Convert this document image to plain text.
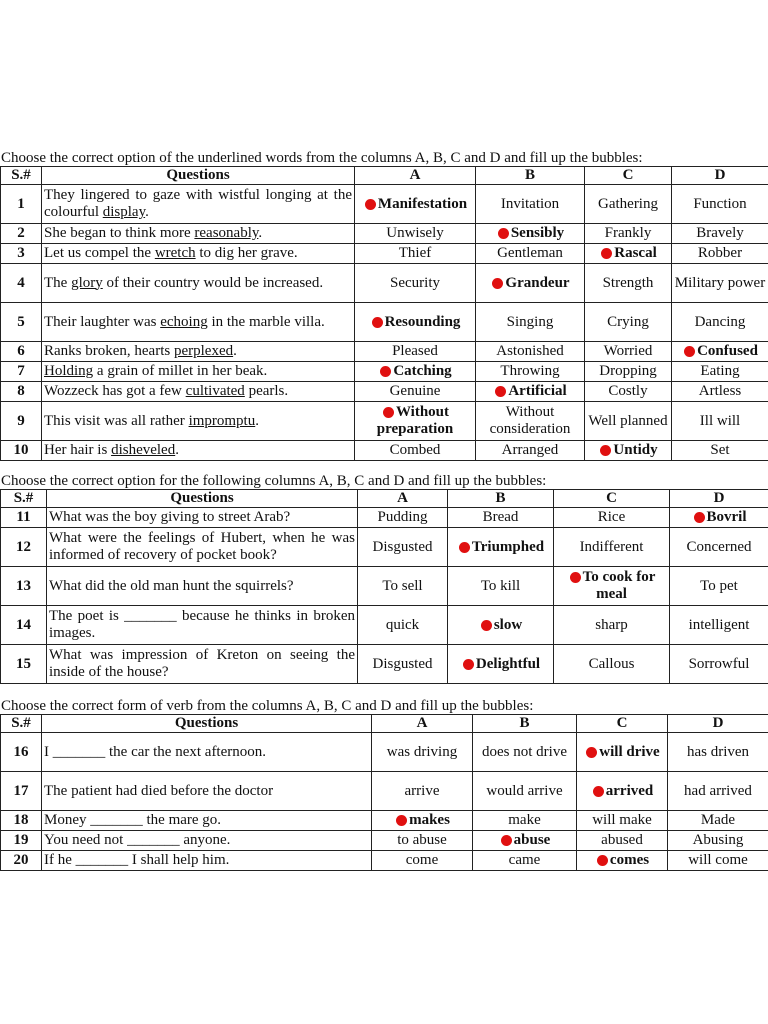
Choose the correct option of the underlined words from the columns A, B, C and D and fill up the bubbles:
S.#	Questions	A	B	C	D
1	They lingered to gaze with wistful longing at the colourful display.	Manifestation	Invitation	Gathering	Function
2	She began to think more reasonably.	Unwisely	Sensibly	Frankly	Bravely
3	Let us compel the wretch to dig her grave.	Thief	Gentleman	Rascal	Robber
4	The glory of their country would be increased.	Security	Grandeur	Strength	Military power
5	Their laughter was echoing in the marble villa.	Resounding	Singing	Crying	Dancing
6	Ranks broken, hearts perplexed.	Pleased	Astonished	Worried	Confused
7	Holding a grain of millet in her beak.	Catching	Throwing	Dropping	Eating
8	Wozzeck has got a few cultivated pearls.	Genuine	Artificial	Costly	Artless
9	This visit was all rather impromptu.	Without preparation	Without consideration	Well planned	Ill will
10	Her hair is disheveled.	Combed	Arranged	Untidy	Set
Choose the correct option for the following columns A, B, C and D and fill up the bubbles:
S.#	Questions	A	B	C	D
11	What was the boy giving to street Arab?	Pudding	Bread	Rice	Bovril
12	What were the feelings of Hubert, when he was informed of recovery of pocket book?	Disgusted	Triumphed	Indifferent	Concerned
13	What did the old man hunt the squirrels?	To sell	To kill	To cook for meal	To pet
14	The poet is _______ because he thinks in broken images.	quick	slow	sharp	intelligent
15	What was impression of Kreton on seeing the inside of the house?	Disgusted	Delightful	Callous	Sorrowful
Choose the correct form of verb from the columns A, B, C and D and fill up the bubbles:
S.#	Questions	A	B	C	D
16	I _______ the car the next afternoon.	was driving	does not drive	will drive	has driven
17	The patient had died before the doctor	arrive	would arrive	arrived	had arrived
18	Money _______ the mare go.	makes	make	will make	Made
19	You need not _______ anyone.	to abuse	abuse	abused	Abusing
20	If he _______ I shall help him.	come	came	comes	will come
